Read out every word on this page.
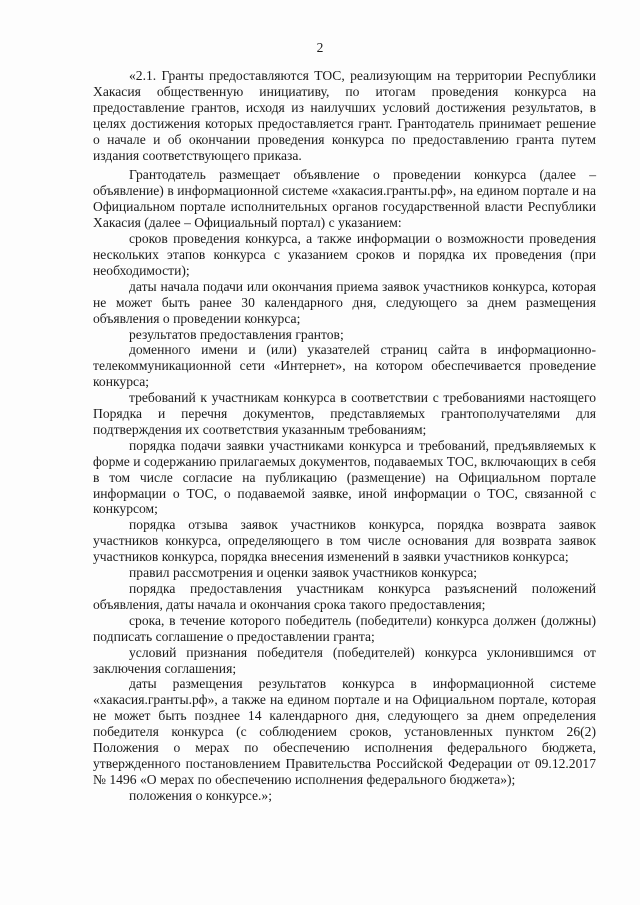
2

«2.1. Гранты предоставляются ТОС, реализующим на территории Республики Хакасия общественную инициативу, по итогам проведения конкурса на предоставление грантов, исходя из наилучших условий достижения результатов, в целях достижения которых предоставляется грант. Грантодатель принимает решение о начале и об окончании проведения конкурса по предоставлению гранта путем издания соответствующего приказа.

Грантодатель размещает объявление о проведении конкурса (далее – объявление) в информационной системе «хакасия.гранты.рф», на едином портале и на Официальном портале исполнительных органов государственной власти Республики Хакасия (далее – Официальный портал) с указанием:

сроков проведения конкурса, а также информации о возможности проведения нескольких этапов конкурса с указанием сроков и порядка их проведения (при необходимости);

даты начала подачи или окончания приема заявок участников конкурса, которая не может быть ранее 30 календарного дня, следующего за днем размещения объявления о проведении конкурса;

результатов предоставления грантов;

доменного имени и (или) указателей страниц сайта в информационно-телекоммуникационной сети «Интернет», на котором обеспечивается проведение конкурса;

требований к участникам конкурса в соответствии с требованиями настоящего Порядка и перечня документов, представляемых грантополучателями для подтверждения их соответствия указанным требованиям;

порядка подачи заявки участниками конкурса и требований, предъявляемых к форме и содержанию прилагаемых документов, подаваемых ТОС, включающих в себя в том числе согласие на публикацию (размещение) на Официальном портале информации о ТОС, о подаваемой заявке, иной информации о ТОС, связанной с конкурсом;

порядка отзыва заявок участников конкурса, порядка возврата заявок участников конкурса, определяющего в том числе основания для возврата заявок участников конкурса, порядка внесения изменений в заявки участников конкурса;

правил рассмотрения и оценки заявок участников конкурса;

порядка предоставления участникам конкурса разъяснений положений объявления, даты начала и окончания срока такого предоставления;

срока, в течение которого победитель (победители) конкурса должен (должны) подписать соглашение о предоставлении гранта;

условий признания победителя (победителей) конкурса уклонившимся от заключения соглашения;

даты размещения результатов конкурса в информационной системе «хакасия.гранты.рф», а также на едином портале и на Официальном портале, которая не может быть позднее 14 календарного дня, следующего за днем определения победителя конкурса (с соблюдением сроков, установленных пунктом 26(2) Положения о мерах по обеспечению исполнения федерального бюджета, утвержденного постановлением Правительства Российской Федерации от 09.12.2017 № 1496 «О мерах по обеспечению исполнения федерального бюджета»);

положения о конкурсе.»;
